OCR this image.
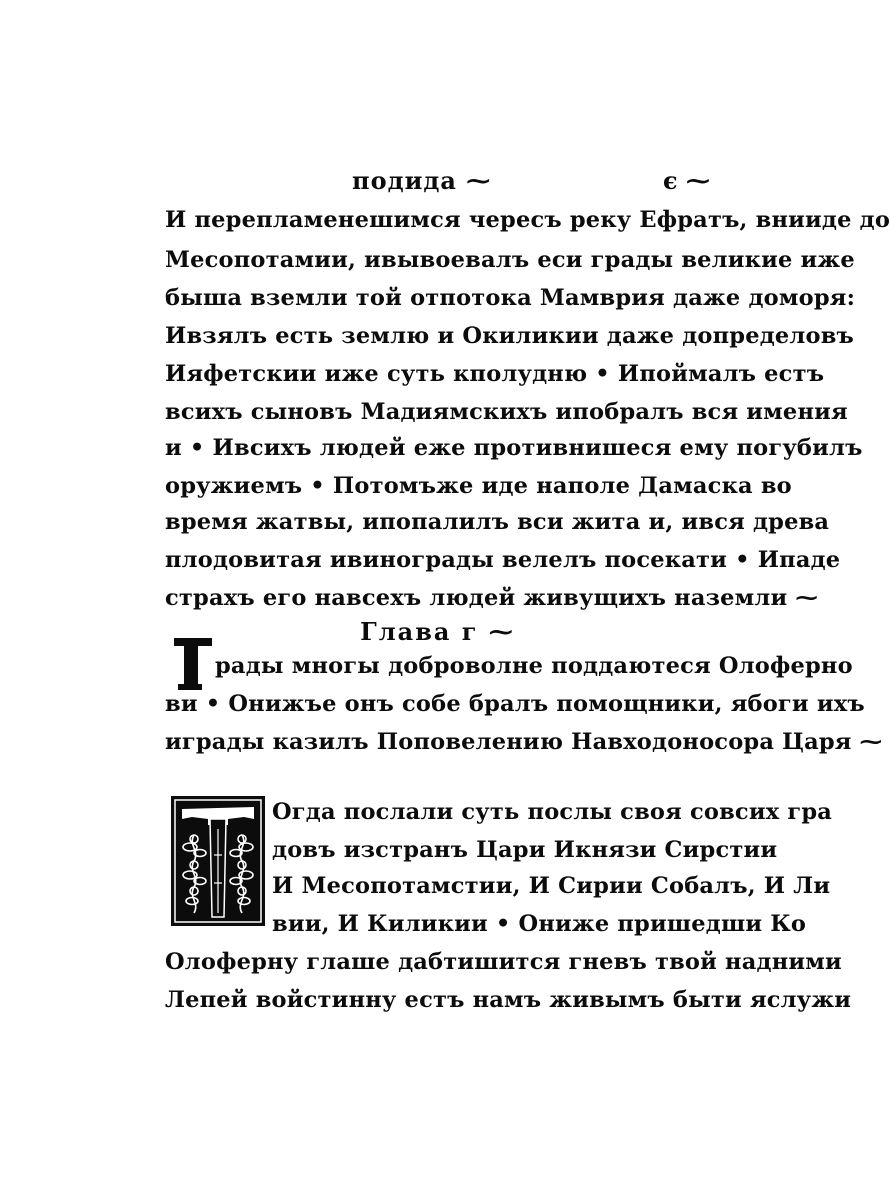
подида ⁓	є ⁓
И перепламенешимся чересъ реку Ефратъ, внииде до
Месопотамии, ивывоевалъ еси грады великие иже
быша вземли той отпотока Мамврия даже доморя:
Ивзялъ есть землю и Окиликии даже допределовъ
Ияфетскии иже суть кполудню • Ипоймалъ естъ
всихъ сыновъ Мадиямскихъ ипобралъ вся имения
и • Ивсихъ людей еже противнишеся ему погубилъ
оружиемъ • Потомъже иде наполе Дамаска во
время жатвы, ипопалилъ вси жита и, ився древа
плодовитая ивинограды велелъ посекати • Ипаде
страхъ его навсехъ людей живущихъ наземли ⁓
Глава г ⁓
рады многы доброволне поддаютеся Олоферно
ви • Онижъе онъ собе бралъ помощники, ябоги ихъ
играды казилъ Поповелению Навходоносора Царя ⁓
Огда послали суть послы своя совсих гра
довъ изстранъ Цари Икнязи Сирстии
И Месопотамстии, И Сирии Собалъ, И Ли
вии, И Киликии • Ониже пришедши Ко
Олоферну глаше дабтишится гневъ твой надними
Лепей войстинну естъ намъ живымъ быти яслужи
